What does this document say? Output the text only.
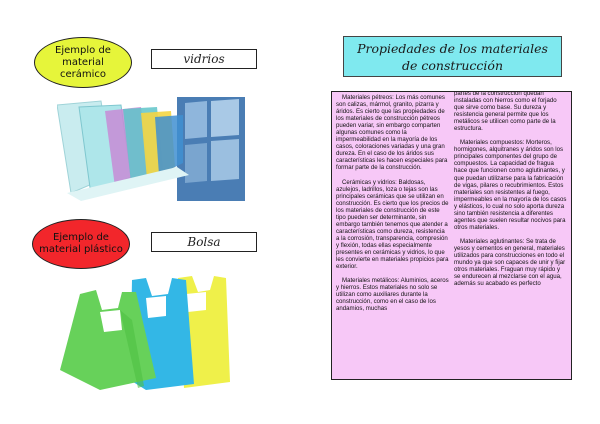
Ejemplo de material
cerámico
vidrios
Ejemplo de
material plástico
Bolsa
Propiedades de los materiales de construcción

Materiales pétreos: Los más comunes son calizas, mármol, granito, pizarra y áridos. Es cierto que las propiedades de los materiales de construcción pétreos pueden variar, sin embargo comparten algunas comunes como la impermeabilidad en la mayoría de los casos, coloraciones variadas y una gran dureza. En el caso de los áridos sus características les hacen especiales para formar parte de la construcción.

Cerámicas y vidrios: Baldosas, azulejos, ladrillos, loza o tejas son las principales cerámicas que se utilizan en construcción. Es cierto que los precios de los materiales de construcción de este tipo pueden ser determinante, sin embargo también tenemos que atender a características como dureza, resistencia a la corrosión, transparencia, compresión y flexión, todas ellas especialmente presentes en cerámicas y vidrios, lo que les convierte en materiales propicios para exterior.

Materiales metálicos: Aluminios, aceros y hierros. Estos materiales no solo se utilizan como auxiliares durante la construcción, como en el caso de los andamios, muchas

partes de la construcción quedan instaladas con hierros como el forjado que sirve como base. Su dureza y resistencia general permite que los metálicos se utilicen como parte de la estructura.

Materiales compuestos: Morteros, hormigones, alquitranes y áridos son los principales componentes del grupo de compuestos. La capacidad de fragua hace que funcionen como aglutinantes, y que puedan utilizarse para la fabricación de vigas, pilares o recubrimientos. Estos materiales son resistentes al fuego, impermeables en la mayoría de los casos y elásticos, lo cual no solo aporta dureza sino también resistencia a diferentes agentes que suelen resultar nocivos para otros materiales.

Materiales aglutinantes: Se trata de yesos y cementos en general, materiales utilizados para construcciones en todo el mundo ya que son capaces de unir y fijar otros materiales. Fraguan muy rápido y se endurecen al mezclarse con el agua, además su acabado es perfecto
